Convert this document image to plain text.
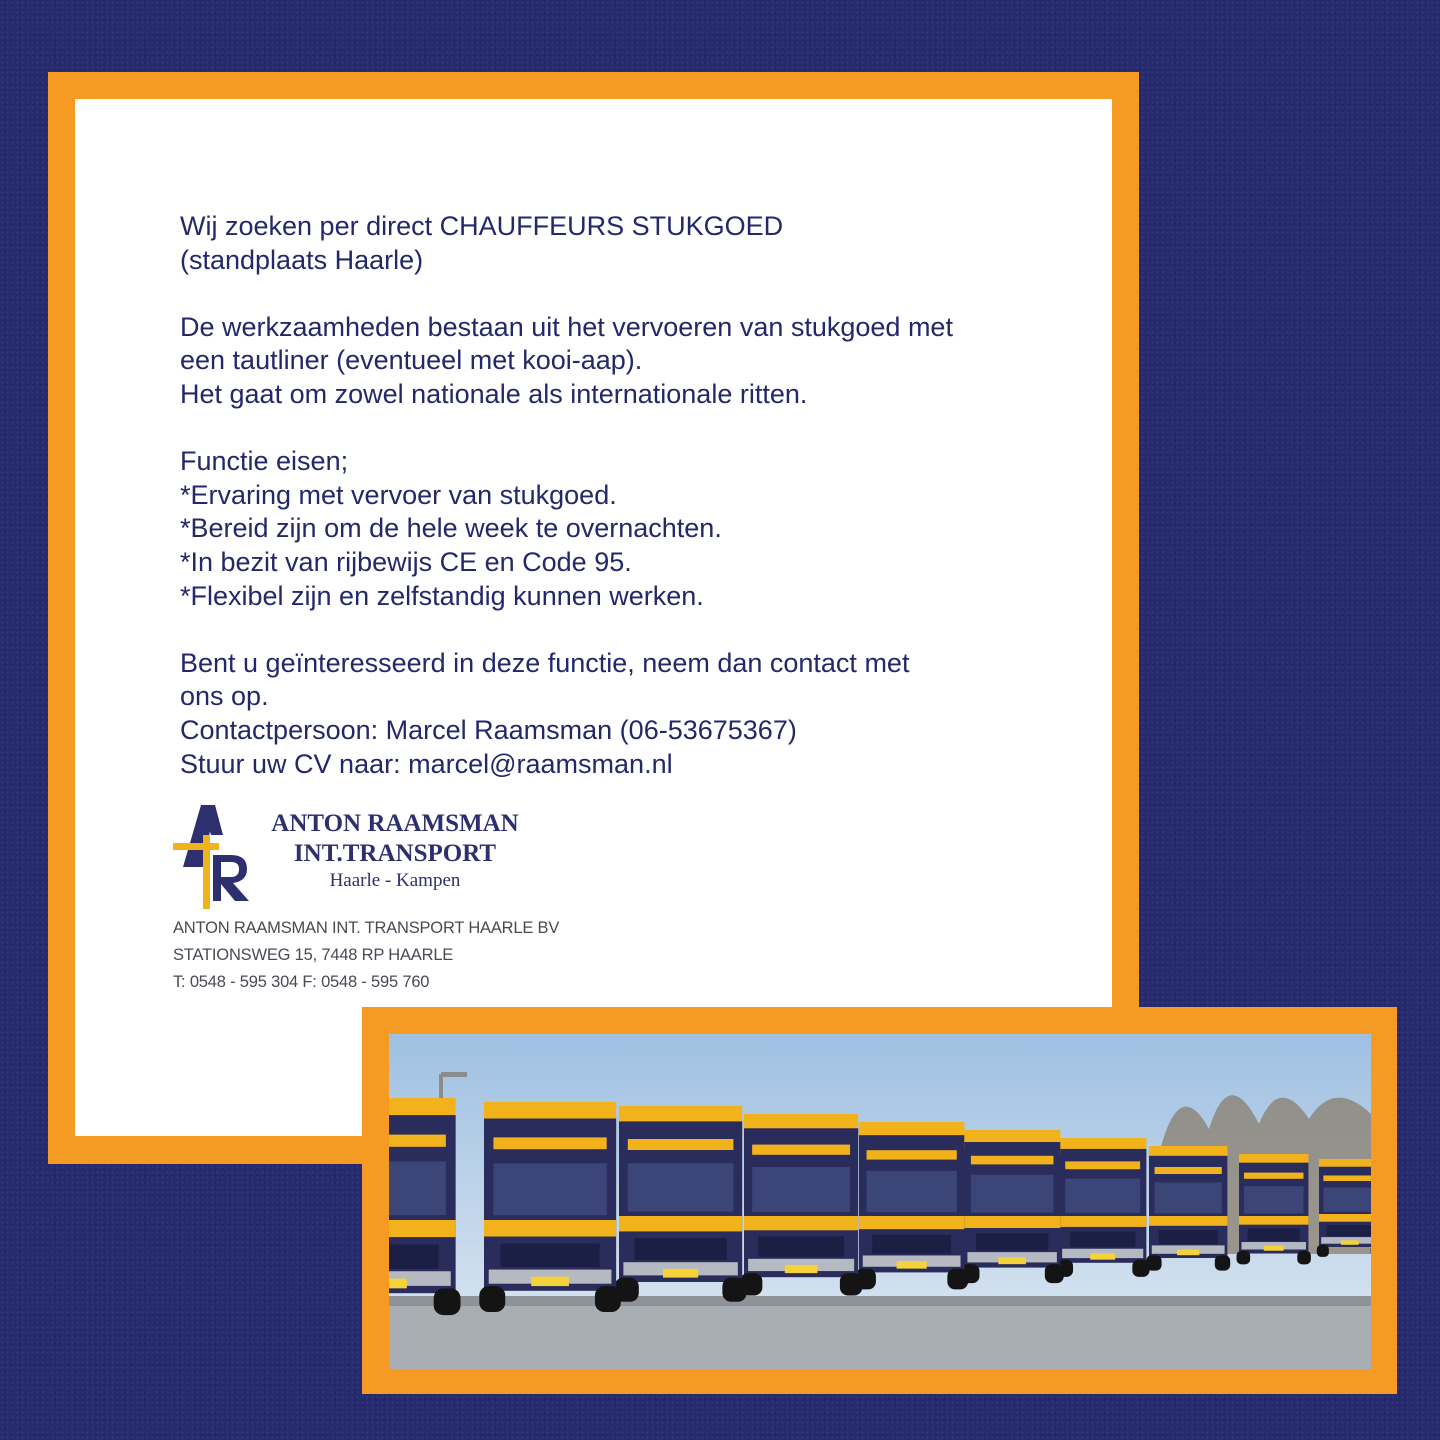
Wij zoeken per direct CHAUFFEURS STUKGOED
(standplaats Haarle)

De werkzaamheden bestaan uit het vervoeren van stukgoed met
een tautliner (eventueel met kooi-aap).
Het gaat om zowel nationale als internationale ritten.

Functie eisen;
*Ervaring met vervoer van stukgoed.
*Bereid zijn om de hele week te overnachten.
*In bezit van rijbewijs CE en Code 95.
*Flexibel zijn en zelfstandig kunnen werken.

Bent u geïnteresseerd in deze functie, neem dan contact met
ons op.
Contactpersoon: Marcel Raamsman (06-53675367)
Stuur uw CV naar: marcel@raamsman.nl

ANTON RAAMSMAN
INT.TRANSPORT
Haarle - Kampen
ANTON RAAMSMAN INT. TRANSPORT HAARLE BV
STATIONSWEG 15, 7448 RP HAARLE
T: 0548 - 595 304 F: 0548 - 595 760
